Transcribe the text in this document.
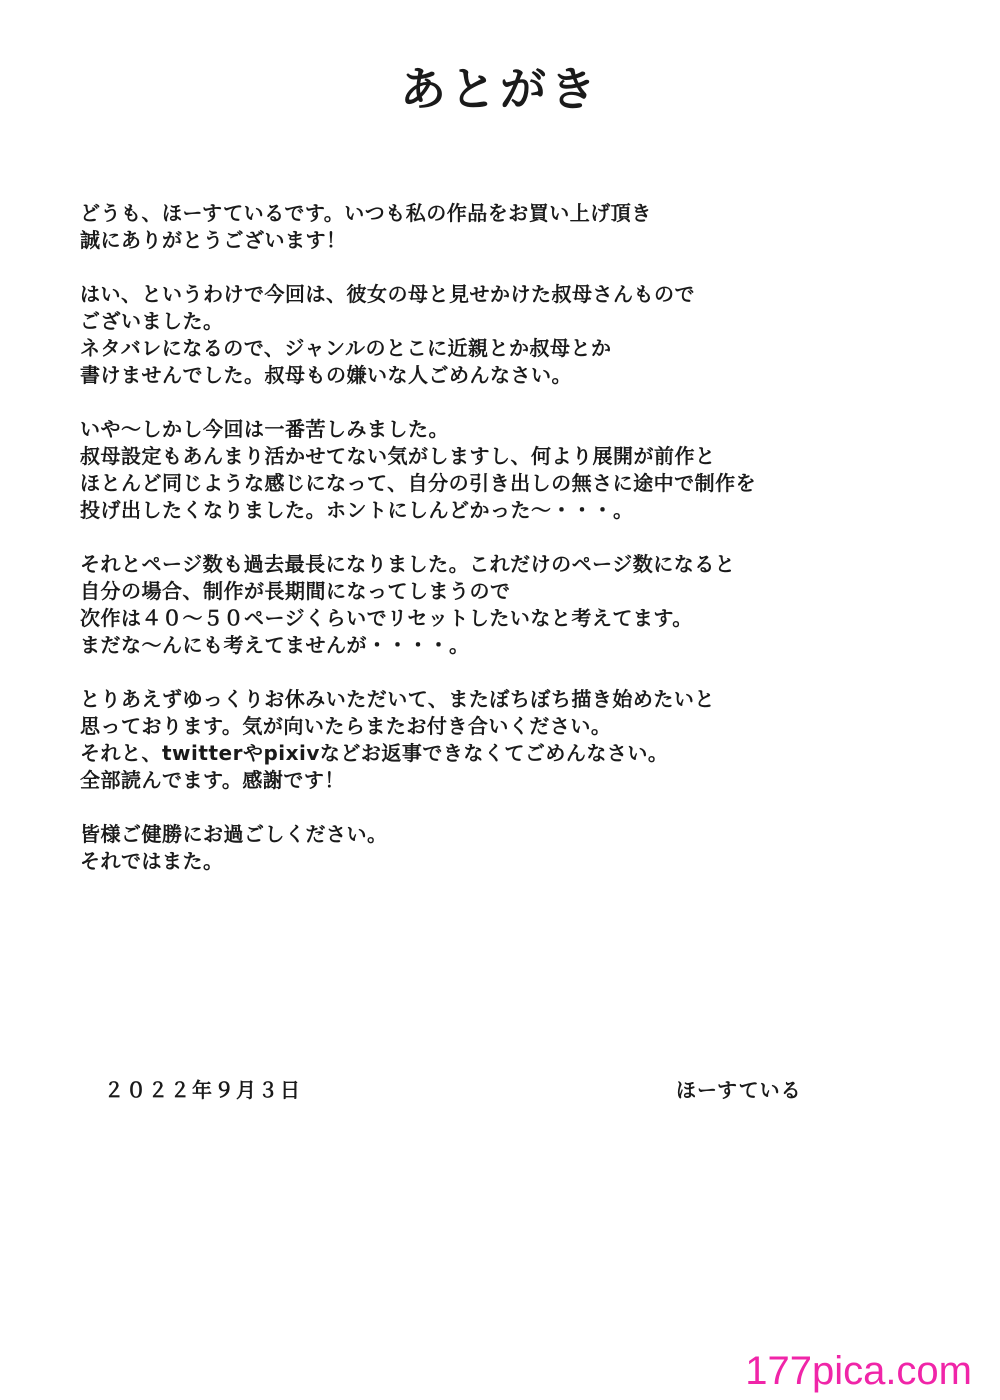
あとがき

どうも、ほーすているです。いつも私の作品をお買い上げ頂き
誠にありがとうございます！

はい、というわけで今回は、彼女の母と見せかけた叔母さんもので
ございました。
ネタバレになるので、ジャンルのとこに近親とか叔母とか
書けませんでした。叔母もの嫌いな人ごめんなさい。

いや～しかし今回は一番苦しみました。
叔母設定もあんまり活かせてない気がしますし、何より展開が前作と
ほとんど同じような感じになって、自分の引き出しの無さに途中で制作を
投げ出したくなりました。ホントにしんどかった～・・・。

それとページ数も過去最長になりました。これだけのページ数になると
自分の場合、制作が長期間になってしまうので
次作は４０～５０ページくらいでリセットしたいなと考えてます。
まだな～んにも考えてませんが・・・・。

とりあえずゆっくりお休みいただいて、またぼちぼち描き始めたいと
思っております。気が向いたらまたお付き合いください。
それと、twitterやpixivなどお返事できなくてごめんなさい。
全部読んでます。感謝です！

皆様ご健勝にお過ごしください。
それではまた。

２０２２年９月３日	ほーすている
177pica.com
